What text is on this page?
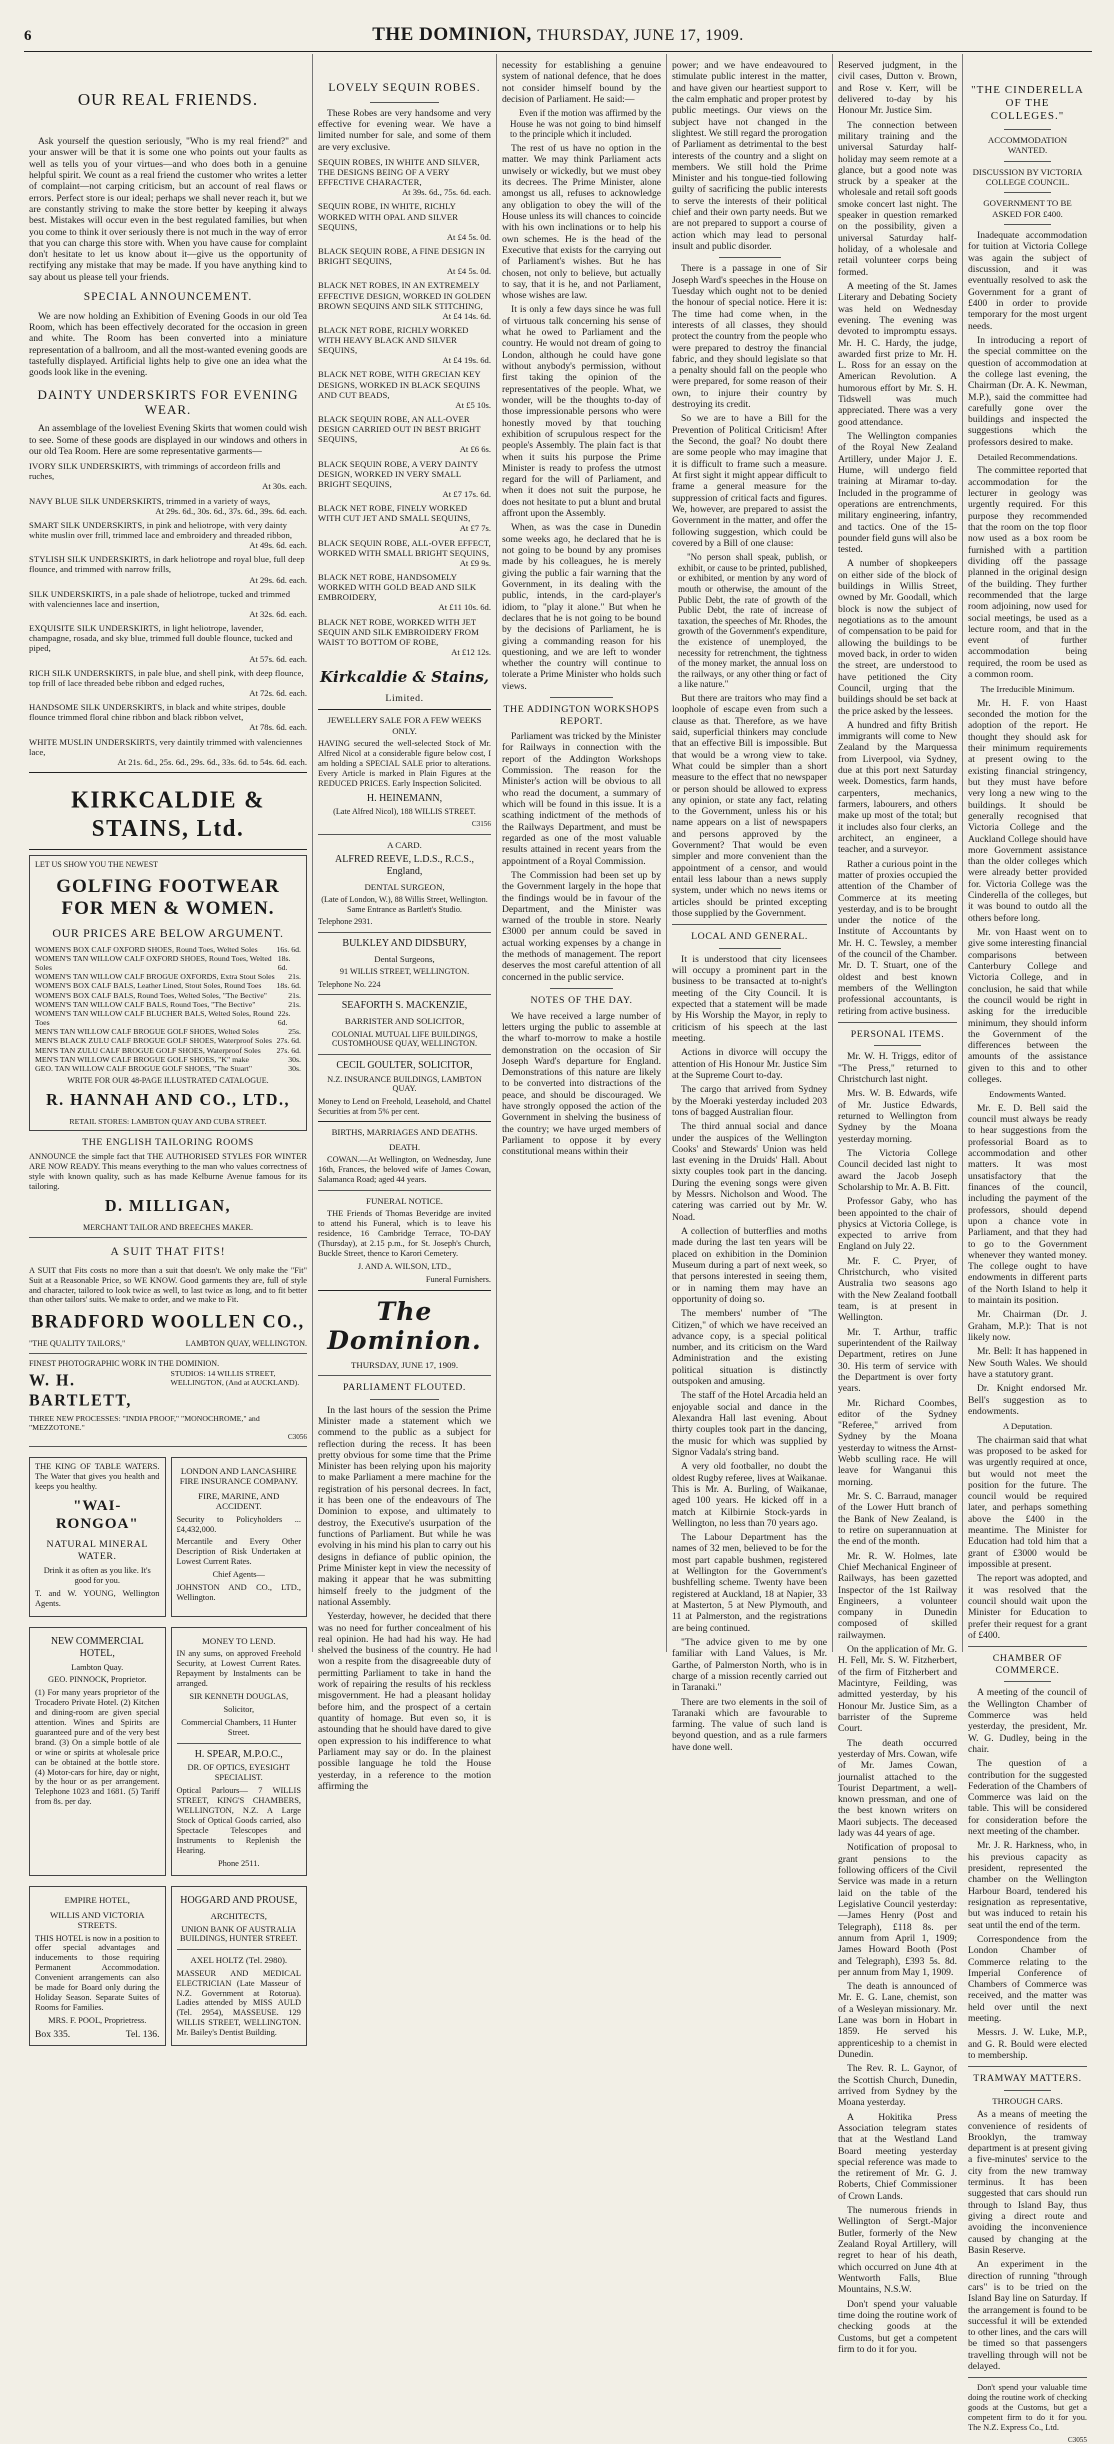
6	THE DOMINION, THURSDAY, JUNE 17, 1909.
OUR REAL FRIENDS.

Ask yourself the question seriously, "Who is my real friend?" and your answer will be that it is some one who points out your faults as well as tells you of your virtues—and who does both in a genuine helpful spirit. We count as a real friend the customer who writes a letter of complaint—not carping criticism, but an account of real flaws or errors. Perfect store is our ideal; perhaps we shall never reach it, but we are constantly striving to make the store better by keeping it always best. Mistakes will occur even in the best regulated families, but when you come to think it over seriously there is not much in the way of error that you can charge this store with. When you have cause for complaint don't hesitate to let us know about it—give us the opportunity of rectifying any mistake that may be made. If you have anything kind to say about us please tell your friends.

SPECIAL ANNOUNCEMENT.

We are now holding an Exhibition of Evening Goods in our old Tea Room, which has been effectively decorated for the occasion in green and white. The Room has been converted into a miniature representation of a ballroom, and all the most-wanted evening goods are tastefully displayed. Artificial lights help to give one an idea what the goods look like in the evening.

DAINTY UNDERSKIRTS FOR EVENING WEAR.

An assemblage of the loveliest Evening Skirts that women could wish to see. Some of these goods are displayed in our windows and others in our old Tea Room. Here are some representative garments—

IVORY SILK UNDERSKIRTS, with trimmings of accordeon frills and ruches,
At 30s. each.
NAVY BLUE SILK UNDERSKIRTS, trimmed in a variety of ways,
At 29s. 6d., 30s. 6d., 37s. 6d., 39s. 6d. each.
SMART SILK UNDERSKIRTS, in pink and heliotrope, with very dainty white muslin over frill, trimmed lace and embroidery and threaded ribbon,
At 49s. 6d. each.
STYLISH SILK UNDERSKIRTS, in dark heliotrope and royal blue, full deep flounce, and trimmed with narrow frills,
At 29s. 6d. each.
SILK UNDERSKIRTS, in a pale shade of heliotrope, tucked and trimmed with valenciennes lace and insertion,
At 32s. 6d. each.
EXQUISITE SILK UNDERSKIRTS, in light heliotrope, lavender, champagne, rosada, and sky blue, trimmed full double flounce, tucked and piped,
At 57s. 6d. each.
RICH SILK UNDERSKIRTS, in pale blue, and shell pink, with deep flounce, top frill of lace threaded bebe ribbon and edged ruches,
At 72s. 6d. each.
HANDSOME SILK UNDERSKIRTS, in black and white stripes, double flounce trimmed floral chine ribbon and black ribbon velvet,
At 78s. 6d. each.
WHITE MUSLIN UNDERSKIRTS, very daintily trimmed with valenciennes lace,
At 21s. 6d., 25s. 6d., 29s. 6d., 33s. 6d. to 54s. 6d. each.
KIRKCALDIE & STAINS, Ltd.
LET US SHOW YOU THE NEWEST
GOLFING FOOTWEAR FOR MEN & WOMEN.
OUR PRICES ARE BELOW ARGUMENT.
WOMEN'S BOX CALF OXFORD SHOES, Round Toes, Welted Soles 16s. 6d.
WOMEN'S TAN WILLOW CALF OXFORD SHOES, Round Toes, Welted Soles
18s. 6d.
WOMEN'S TAN WILLOW CALF BROGUE OXFORDS, Extra Stout Soles 21s.
WOMEN'S BOX CALF BALS, Leather Lined, Stout Soles, Round Toes 18s. 6d.
WOMEN'S BOX CALF BALS, Round Toes, Welted Soles, "The Bective"	21s.
WOMEN'S TAN WILLOW CALF BALS, Round Toes, "The Bective"	21s.
WOMEN'S TAN WILLOW CALF BLUCHER BALS, Welted Soles, Round Toes
22s. 6d.
MEN'S TAN WILLOW CALF BROGUE GOLF SHOES, Welted Soles	25s.
MEN'S BLACK ZULU CALF BROGUE GOLF SHOES, Waterproof Soles 27s. 6d.
MEN'S TAN ZULU CALF BROGUE GOLF SHOES, Waterproof Soles 27s. 6d.
MEN'S TAN WILLOW CALF BROGUE GOLF SHOES, "K" make	30s.
GEO. TAN WILLOW CALF BROGUE GOLF SHOES, "The Stuart"	30s.
WRITE FOR OUR 48-PAGE ILLUSTRATED CATALOGUE.
R. HANNAH AND CO., LTD.,
RETAIL STORES: LAMBTON QUAY AND CUBA STREET.
THE ENGLISH TAILORING ROOMS

ANNOUNCE the simple fact that THE AUTHORISED STYLES FOR WINTER ARE NOW READY. This means everything to the man who values correctness of style with known quality, such as has made Kelburne Avenue famous for its tailoring.

D. MILLIGAN,
MERCHANT TAILOR AND BREECHES MAKER.
A SUIT THAT FITS!

A SUIT that Fits costs no more than a suit that doesn't. We only make the "Fit" Suit at a Reasonable Price, so WE KNOW. Good garments they are, full of style and character, tailored to look twice as well, to last twice as long, and to fit better than other tailors' suits. We make to order, and we make to Fit.

BRADFORD WOOLLEN CO.,
"THE QUALITY TAILORS,"	LAMBTON QUAY, WELLINGTON.
FINEST PHOTOGRAPHIC WORK IN THE DOMINION.
W. H. BARTLETT,
STUDIOS: 14 WILLIS STREET, WELLINGTON, (And at AUCKLAND).
THREE NEW PROCESSES: "INDIA PROOF," "MONOCHROME," and "MEZZOTONE."
C3056

THE KING OF TABLE WATERS. The Water that gives you health and keeps you healthy.

"WAI-RONGOA"
NATURAL MINERAL WATER.

Drink it as often as you like. It's good for you.

T. and W. YOUNG, Wellington Agents.

LONDON AND LANCASHIRE FIRE INSURANCE COMPANY.
FIRE, MARINE, AND ACCIDENT.

Security to Policyholders ... £4,432,000.

Mercantile and Every Other Description of Risk Undertaken at Lowest Current Rates.

Chief Agents—

JOHNSTON AND CO., LTD., Wellington.

NEW COMMERCIAL HOTEL,

Lambton Quay.

GEO. PINNOCK, Proprietor.

(1) For many years proprietor of the Trocadero Private Hotel. (2) Kitchen and dining-room are given special attention. Wines and Spirits are guaranteed pure and of the very best brand. (3) On a simple bottle of ale or wine or spirits at wholesale price can be obtained at the bottle store. (4) Motor-cars for hire, day or night, by the hour or as per arrangement. Telephone 1023 and 1681. (5) Tariff from 8s. per day.

MONEY TO LEND.

IN any sums, on approved Freehold Security, at Lowest Current Rates. Repayment by Instalments can be arranged.

SIR KENNETH DOUGLAS,

Solicitor,

Commercial Chambers, 11 Hunter Street.

H. SPEAR, M.P.O.C.,

DR. OF OPTICS, EYESIGHT SPECIALIST.

Optical Parlours— 7 WILLIS STREET, KING'S CHAMBERS, WELLINGTON, N.Z. A Large Stock of Optical Goods carried, also Spectacle Telescopes and Instruments to Replenish the Hearing.

Phone 2511.

EMPIRE HOTEL,
WILLIS AND VICTORIA STREETS.

THIS HOTEL is now in a position to offer special advantages and inducements to those requiring Permanent Accommodation. Convenient arrangements can also be made for Board only during the Holiday Season. Separate Suites of Rooms for Families.

MRS. F. POOL, Proprietress.

Box 335.	Tel. 136.
HOGGARD AND PROUSE,
ARCHITECTS,

UNION BANK OF AUSTRALIA BUILDINGS, HUNTER STREET.

AXEL HOLTZ (Tel. 2980).

MASSEUR AND MEDICAL ELECTRICIAN (Late Masseur of N.Z. Government at Rotorua). Ladies attended by MISS AULD (Tel. 2954), MASSEUSE. 129 WILLIS STREET, WELLINGTON. Mr. Bailey's Dentist Building.

LOVELY SEQUIN ROBES.

These Robes are very handsome and very effective for evening wear. We have a limited number for sale, and some of them are very exclusive.

SEQUIN ROBES, IN WHITE AND SILVER, THE DESIGNS BEING OF A VERY EFFECTIVE CHARACTER,
At 39s. 6d., 75s. 6d. each.
SEQUIN ROBE, IN WHITE, RICHLY WORKED WITH OPAL AND SILVER SEQUINS,
At £4 5s. 0d.
BLACK SEQUIN ROBE, A FINE DESIGN IN BRIGHT SEQUINS,
At £4 5s. 0d.
BLACK NET ROBES, IN AN EXTREMELY EFFECTIVE DESIGN, WORKED IN GOLDEN BROWN SEQUINS AND SILK STITCHING,
At £4 14s. 6d.
BLACK NET ROBE, RICHLY WORKED WITH HEAVY BLACK AND SILVER SEQUINS,
At £4 19s. 6d.
BLACK NET ROBE, WITH GRECIAN KEY DESIGNS, WORKED IN BLACK SEQUINS AND CUT BEADS,
At £5 10s.
BLACK SEQUIN ROBE, AN ALL-OVER DESIGN CARRIED OUT IN BEST BRIGHT SEQUINS,
At £6 6s.
BLACK SEQUIN ROBE, A VERY DAINTY DESIGN, WORKED IN VERY SMALL BRIGHT SEQUINS,
At £7 17s. 6d.
BLACK NET ROBE, FINELY WORKED WITH CUT JET AND SMALL SEQUINS,
At £7 7s.
BLACK SEQUIN ROBE, ALL-OVER EFFECT, WORKED WITH SMALL BRIGHT SEQUINS,
At £9 9s.
BLACK NET ROBE, HANDSOMELY WORKED WITH GOLD BEAD AND SILK EMBROIDERY,
At £11 10s. 6d.
BLACK NET ROBE, WORKED WITH JET SEQUIN AND SILK EMBROIDERY FROM WAIST TO BOTTOM OF ROBE,
At £12 12s.
Kirkcaldie & Stains,
Limited.
JEWELLERY SALE FOR A FEW WEEKS ONLY.

HAVING secured the well-selected Stock of Mr. Alfred Nicol at a considerable figure below cost, I am holding a SPECIAL SALE prior to alterations. Every Article is marked in Plain Figures at the REDUCED PRICES. Early Inspection Solicited.

H. HEINEMANN,

(Late Alfred Nicol), 188 WILLIS STREET.

C3156
A CARD.
ALFRED REEVE, L.D.S., R.C.S., England,
DENTAL SURGEON,

(Late of London, W.), 88 Willis Street, Wellington. Same Entrance as Bartlett's Studio.

Telephone 2931.

BULKLEY AND DIDSBURY,
Dental Surgeons,

91 WILLIS STREET, WELLINGTON.

Telephone No. 224

SEAFORTH S. MACKENZIE,
BARRISTER AND SOLICITOR,

COLONIAL MUTUAL LIFE BUILDINGS, CUSTOMHOUSE QUAY, WELLINGTON.

CECIL GOULTER, SOLICITOR,

N.Z. INSURANCE BUILDINGS, LAMBTON QUAY.

Money to Lend on Freehold, Leasehold, and Chattel Securities at from 5% per cent.

BIRTHS, MARRIAGES AND DEATHS.
DEATH.

COWAN.—At Wellington, on Wednesday, June 16th, Frances, the beloved wife of James Cowan, Salamanca Road; aged 44 years.

FUNERAL NOTICE.

THE Friends of Thomas Beveridge are invited to attend his Funeral, which is to leave his residence, 16 Cambridge Terrace, TO-DAY (Thursday), at 2.15 p.m., for St. Joseph's Church, Buckle Street, thence to Karori Cemetery.

J. AND A. WILSON, LTD.,

Funeral Furnishers.

The Dominion.
THURSDAY, JUNE 17, 1909.
PARLIAMENT FLOUTED.

In the last hours of the session the Prime Minister made a statement which we commend to the public as a subject for reflection during the recess. It has been pretty obvious for some time that the Prime Minister has been relying upon his majority to make Parliament a mere machine for the registration of his personal decrees. In fact, it has been one of the endeavours of The Dominion to expose, and ultimately to destroy, the Executive's usurpation of the functions of Parliament. But while he was evolving in his mind his plan to carry out his designs in defiance of public opinion, the Prime Minister kept in view the necessity of making it appear that he was submitting himself freely to the judgment of the national Assembly.

Yesterday, however, he decided that there was no need for further concealment of his real opinion. He had had his way. He had shelved the business of the country. He had won a respite from the disagreeable duty of permitting Parliament to take in hand the work of repairing the results of his reckless misgovernment. He had a pleasant holiday before him, and the prospect of a certain quantity of homage. But even so, it is astounding that he should have dared to give open expression to his indifference to what Parliament may say or do. In the plainest possible language he told the House yesterday, in a reference to the motion affirming the

necessity for establishing a genuine system of national defence, that he does not consider himself bound by the decision of Parliament. He said:—

Even if the motion was affirmed by the House he was not going to bind himself to the principle which it included.

The rest of us have no option in the matter. We may think Parliament acts unwisely or wickedly, but we must obey its decrees. The Prime Minister, alone amongst us all, refuses to acknowledge any obligation to obey the will of the House unless its will chances to coincide with his own inclinations or to help his own schemes. He is the head of the Executive that exists for the carrying out of Parliament's wishes. But he has chosen, not only to believe, but actually to say, that it is he, and not Parliament, whose wishes are law.

It is only a few days since he was full of virtuous talk concerning his sense of what he owed to Parliament and the country. He would not dream of going to London, although he could have gone without anybody's permission, without first taking the opinion of the representatives of the people. What, we wonder, will be the thoughts to-day of those impressionable persons who were honestly moved by that touching exhibition of scrupulous respect for the people's Assembly. The plain fact is that when it suits his purpose the Prime Minister is ready to profess the utmost regard for the will of Parliament, and when it does not suit the purpose, he does not hesitate to put a blunt and brutal affront upon the Assembly.

When, as was the case in Dunedin some weeks ago, he declared that he is not going to be bound by any promises made by his colleagues, he is merely giving the public a fair warning that the Government, in its dealing with the public, intends, in the card-player's idiom, to "play it alone." But when he declares that he is not going to be bound by the decisions of Parliament, he is giving a commanding reason for his questioning, and we are left to wonder whether the country will continue to tolerate a Prime Minister who holds such views.

THE ADDINGTON WORKSHOPS REPORT.

Parliament was tricked by the Minister for Railways in connection with the report of the Addington Workshops Commission. The reason for the Minister's action will be obvious to all who read the document, a summary of which will be found in this issue. It is a scathing indictment of the methods of the Railways Department, and must be regarded as one of the most valuable results attained in recent years from the appointment of a Royal Commission.

The Commission had been set up by the Government largely in the hope that the findings would be in favour of the Department, and the Minister was warned of the trouble in store. Nearly £3000 per annum could be saved in actual working expenses by a change in the methods of management. The report deserves the most careful attention of all concerned in the public service.

NOTES OF THE DAY.

We have received a large number of letters urging the public to assemble at the wharf to-morrow to make a hostile demonstration on the occasion of Sir Joseph Ward's departure for England. Demonstrations of this nature are likely to be converted into distractions of the peace, and should be discouraged. We have strongly opposed the action of the Government in shelving the business of the country; we have urged members of Parliament to oppose it by every constitutional means within their

power; and we have endeavoured to stimulate public interest in the matter, and have given our heartiest support to the calm emphatic and proper protest by public meetings. Our views on the subject have not changed in the slightest. We still regard the prorogation of Parliament as detrimental to the best interests of the country and a slight on members. We still hold the Prime Minister and his tongue-tied following guilty of sacrificing the public interests to serve the interests of their political chief and their own party needs. But we are not prepared to support a course of action which may lead to personal insult and public disorder.

There is a passage in one of Sir Joseph Ward's speeches in the House on Tuesday which ought not to be denied the honour of special notice. Here it is: The time had come when, in the interests of all classes, they should protect the country from the people who were prepared to destroy the financial fabric, and they should legislate so that a penalty should fall on the people who were prepared, for some reason of their own, to injure their country by destroying its credit.

So we are to have a Bill for the Prevention of Political Criticism! After the Second, the goal? No doubt there are some people who may imagine that it is difficult to frame such a measure. At first sight it might appear difficult to frame a general measure for the suppression of critical facts and figures. We, however, are prepared to assist the Government in the matter, and offer the following suggestion, which could be covered by a Bill of one clause:

"No person shall speak, publish, or exhibit, or cause to be printed, published, or exhibited, or mention by any word of mouth or otherwise, the amount of the Public Debt, the rate of growth of the Public Debt, the rate of increase of taxation, the speeches of Mr. Rhodes, the growth of the Government's expenditure, the existence of unemployed, the necessity for retrenchment, the tightness of the money market, the annual loss on the railways, or any other thing or fact of a like nature."

But there are traitors who may find a loophole of escape even from such a clause as that. Therefore, as we have said, superficial thinkers may conclude that an effective Bill is impossible. But that would be a wrong view to take. What could be simpler than a short measure to the effect that no newspaper or person should be allowed to express any opinion, or state any fact, relating to the Government, unless his or his name appears on a list of newspapers and persons approved by the Government? That would be even simpler and more convenient than the appointment of a censor, and would entail less labour than a news supply system, under which no news items or articles should be printed excepting those supplied by the Government.

LOCAL AND GENERAL.

It is understood that city licensees will occupy a prominent part in the business to be transacted at to-night's meeting of the City Council. It is expected that a statement will be made by His Worship the Mayor, in reply to criticism of his speech at the last meeting.

Actions in divorce will occupy the attention of His Honour Mr. Justice Sim at the Supreme Court to-day.

The cargo that arrived from Sydney by the Moeraki yesterday included 203 tons of bagged Australian flour.

The third annual social and dance under the auspices of the Wellington Cooks' and Stewards' Union was held last evening in the Druids' Hall. About sixty couples took part in the dancing. During the evening songs were given by Messrs. Nicholson and Wood. The catering was carried out by Mr. W. Noad.

A collection of butterflies and moths made during the last ten years will be placed on exhibition in the Dominion Museum during a part of next week, so that persons interested in seeing them, or in naming them may have an opportunity of doing so.

The members' number of "The Citizen," of which we have received an advance copy, is a special political number, and its criticism on the Ward Administration and the existing political situation is distinctly outspoken and amusing.

The staff of the Hotel Arcadia held an enjoyable social and dance in the Alexandra Hall last evening. About thirty couples took part in the dancing, the music for which was supplied by Signor Vadala's string band.

A very old footballer, no doubt the oldest Rugby referee, lives at Waikanae. This is Mr. A. Burling, of Waikanae, aged 100 years. He kicked off in a match at Kilbirnie Stock-yards in Wellington, no less than 70 years ago.

The Labour Department has the names of 32 men, believed to be for the most part capable bushmen, registered at Wellington for the Government's bushfelling scheme. Twenty have been registered at Auckland, 18 at Napier, 33 at Masterton, 5 at New Plymouth, and 11 at Palmerston, and the registrations are being continued.

"The advice given to me by one familiar with Land Values, is Mr. Garthe, of Palmerston North, who is in charge of a mission recently carried out in Taranaki."

There are two elements in the soil of Taranaki which are favourable to farming. The value of such land is beyond question, and as a rule farmers have done well.

Reserved judgment, in the civil cases, Dutton v. Brown, and Rose v. Kerr, will be delivered to-day by his Honour Mr. Justice Sim.

The connection between military training and the universal Saturday half-holiday may seem remote at a glance, but a good note was struck by a speaker at the wholesale and retail soft goods smoke concert last night. The speaker in question remarked on the possibility, given a universal Saturday half-holiday, of a wholesale and retail volunteer corps being formed.

A meeting of the St. James Literary and Debating Society was held on Wednesday evening. The evening was devoted to impromptu essays. Mr. H. C. Hardy, the judge, awarded first prize to Mr. H. L. Ross for an essay on the American Revolution. A humorous effort by Mr. S. H. Tidswell was much appreciated. There was a very good attendance.

The Wellington companies of the Royal New Zealand Artillery, under Major J. E. Hume, will undergo field training at Miramar to-day. Included in the programme of operations are entrenchments, military engineering, infantry, and tactics. One of the 15-pounder field guns will also be tested.

A number of shopkeepers on either side of the block of buildings in Willis Street, owned by Mr. Goodall, which block is now the subject of negotiations as to the amount of compensation to be paid for allowing the buildings to be moved back, in order to widen the street, are understood to have petitioned the City Council, urging that the buildings should be set back at the price asked by the lessees.

A hundred and fifty British immigrants will come to New Zealand by the Marquessa from Liverpool, via Sydney, due at this port next Saturday week. Domestics, farm hands, carpenters, mechanics, farmers, labourers, and others make up most of the total; but it includes also four clerks, an architect, an engineer, a teacher, and a surveyor.

Rather a curious point in the matter of proxies occupied the attention of the Chamber of Commerce at its meeting yesterday, and is to be brought under the notice of the Institute of Accountants by Mr. H. C. Tewsley, a member of the council of the Chamber. Mr. D. T. Stuart, one of the oldest and best known members of the Wellington professional accountants, is retiring from active business.

PERSONAL ITEMS.

Mr. W. H. Triggs, editor of "The Press," returned to Christchurch last night.

Mrs. W. B. Edwards, wife of Mr. Justice Edwards, returned to Wellington from Sydney by the Moana yesterday morning.

The Victoria College Council decided last night to award the Jacob Joseph Scholarship to Mr. A. B. Fitt.

Professor Gaby, who has been appointed to the chair of physics at Victoria College, is expected to arrive from England on July 22.

Mr. F. C. Pryer, of Christchurch, who visited Australia two seasons ago with the New Zealand football team, is at present in Wellington.

Mr. T. Arthur, traffic superintendent of the Railway Department, retires on June 30. His term of service with the Department is over forty years.

Mr. Richard Coombes, editor of the Sydney "Referee," arrived from Sydney by the Moana yesterday to witness the Arnst-Webb sculling race. He will leave for Wanganui this morning.

Mr. S. C. Barraud, manager of the Lower Hutt branch of the Bank of New Zealand, is to retire on superannuation at the end of the month.

Mr. R. W. Holmes, late Chief Mechanical Engineer of Railways, has been gazetted Inspector of the 1st Railway Engineers, a volunteer company in Dunedin composed of skilled railwaymen.

On the application of Mr. G. H. Fell, Mr. S. W. Fitzherbert, of the firm of Fitzherbert and Macintyre, Feilding, was admitted yesterday, by his Honour Mr. Justice Sim, as a barrister of the Supreme Court.

The death occurred yesterday of Mrs. Cowan, wife of Mr. James Cowan, journalist attached to the Tourist Department, a well-known pressman, and one of the best known writers on Maori subjects. The deceased lady was 44 years of age.

Notification of proposal to grant pensions to the following officers of the Civil Service was made in a return laid on the table of the Legislative Council yesterday:—James Henry (Post and Telegraph), £118 8s. per annum from April 1, 1909; James Howard Booth (Post and Telegraph), £393 5s. 8d. per annum from May 1, 1909.

The death is announced of Mr. E. G. Lane, chemist, son of a Wesleyan missionary. Mr. Lane was born in Hobart in 1859. He served his apprenticeship to a chemist in Dunedin.

The Rev. R. L. Gaynor, of the Scottish Church, Dunedin, arrived from Sydney by the Moana yesterday.

A Hokitika Press Association telegram states that at the Westland Land Board meeting yesterday special reference was made to the retirement of Mr. G. J. Roberts, Chief Commissioner of Crown Lands.

The numerous friends in Wellington of Sergt.-Major Butler, formerly of the New Zealand Royal Artillery, will regret to hear of his death, which occurred on June 4th at Wentworth Falls, Blue Mountains, N.S.W.

Don't spend your valuable time doing the routine work of checking goods at the Customs, but get a competent firm to do it for you.

"THE CINDERELLA OF THE COLLEGES."
ACCOMMODATION WANTED.
DISCUSSION BY VICTORIA COLLEGE COUNCIL.
GOVERNMENT TO BE ASKED FOR £400.

Inadequate accommodation for tuition at Victoria College was again the subject of discussion, and it was eventually resolved to ask the Government for a grant of £400 in order to provide temporary for the most urgent needs.

In introducing a report of the special committee on the question of accommodation at the college last evening, the Chairman (Dr. A. K. Newman, M.P.), said the committee had carefully gone over the buildings and inspected the suggestions which the professors desired to make.

Detailed Recommendations.

The committee reported that accommodation for the lecturer in geology was urgently required. For this purpose they recommended that the room on the top floor now used as a box room be furnished with a partition dividing off the passage planned in the original design of the building. They further recommended that the large room adjoining, now used for social meetings, be used as a lecture room, and that in the event of further accommodation being required, the room be used as a common room.

The Irreducible Minimum.

Mr. H. F. von Haast seconded the motion for the adoption of the report. He thought they should ask for their minimum requirements at present owing to the existing financial stringency, but they must have before very long a new wing to the buildings. It should be generally recognised that Victoria College and the Auckland College should have more Government assistance than the older colleges which were already better provided for. Victoria College was the Cinderella of the colleges, but it was bound to outdo all the others before long.

Mr. von Haast went on to give some interesting financial comparisons between Canterbury College and Victoria College, and in conclusion, he said that while the council would be right in asking for the irreducible minimum, they should inform the Government of the differences between the amounts of the assistance given to this and to other colleges.

Endowments Wanted.

Mr. E. D. Bell said the council must always be ready to hear suggestions from the professorial Board as to accommodation and other matters. It was most unsatisfactory that the finances of the council, including the payment of the professors, should depend upon a chance vote in Parliament, and that they had to go to the Government whenever they wanted money. The college ought to have endowments in different parts of the North Island to help it to maintain its position.

Mr. Chairman (Dr. J. Graham, M.P.): That is not likely now.

Mr. Bell: It has happened in New South Wales. We should have a statutory grant.

Dr. Knight endorsed Mr. Bell's suggestion as to endowments.

A Deputation.

The chairman said that what was proposed to be asked for was urgently required at once, but would not meet the position for the future. The council would be required later, and perhaps something above the £400 in the meantime. The Minister for Education had told him that a grant of £3000 would be impossible at present.

The report was adopted, and it was resolved that the council should wait upon the Minister for Education to prefer their request for a grant of £400.

CHAMBER OF COMMERCE.

A meeting of the council of the Wellington Chamber of Commerce was held yesterday, the president, Mr. W. G. Dudley, being in the chair.

The question of a contribution for the suggested Federation of the Chambers of Commerce was laid on the table. This will be considered for consideration before the next meeting of the chamber.

Mr. J. R. Harkness, who, in his previous capacity as president, represented the chamber on the Wellington Harbour Board, tendered his resignation as representative, but was induced to retain his seat until the end of the term.

Correspondence from the London Chamber of Commerce relating to the Imperial Conference of Chambers of Commerce was received, and the matter was held over until the next meeting.

Messrs. J. W. Luke, M.P., and G. R. Bould were elected to membership.

TRAMWAY MATTERS.
THROUGH CARS.

As a means of meeting the convenience of residents of Brooklyn, the tramway department is at present giving a five-minutes' service to the city from the new tramway terminus. It has been suggested that cars should run through to Island Bay, thus giving a direct route and avoiding the inconvenience caused by changing at the Basin Reserve.

An experiment in the direction of running "through cars" is to be tried on the Island Bay line on Saturday. If the arrangement is found to be successful it will be extended to other lines, and the cars will be timed so that passengers travelling through will not be delayed.

Don't spend your valuable time doing the routine work of checking goods at the Customs, but get a competent firm to do it for you. The N.Z. Express Co., Ltd.

C3055
